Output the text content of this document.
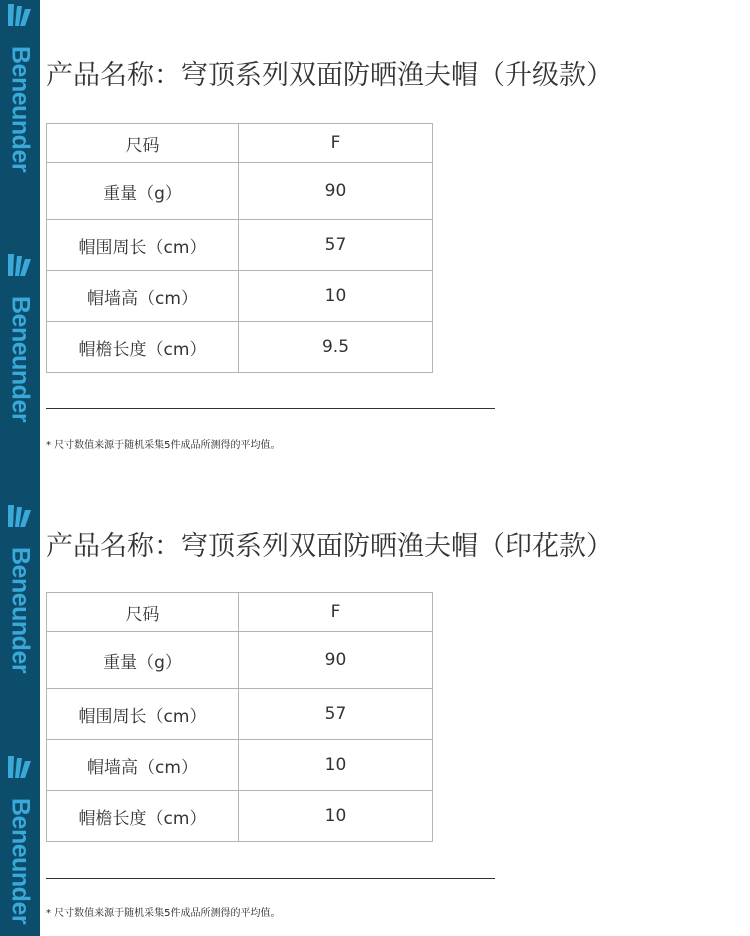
Beneunder
Beneunder
Beneunder
Beneunder
产品名称：穹顶系列双面防晒渔夫帽（升级款）
尺码	F
重量（g）	90
帽围周长（cm）	57
帽墙高（cm）	10
帽檐长度（cm）	9.5
* 尺寸数值来源于随机采集5件成品所测得的平均值。
产品名称：穹顶系列双面防晒渔夫帽（印花款）
尺码	F
重量（g）	90
帽围周长（cm）	57
帽墙高（cm）	10
帽檐长度（cm）	10
* 尺寸数值来源于随机采集5件成品所测得的平均值。
